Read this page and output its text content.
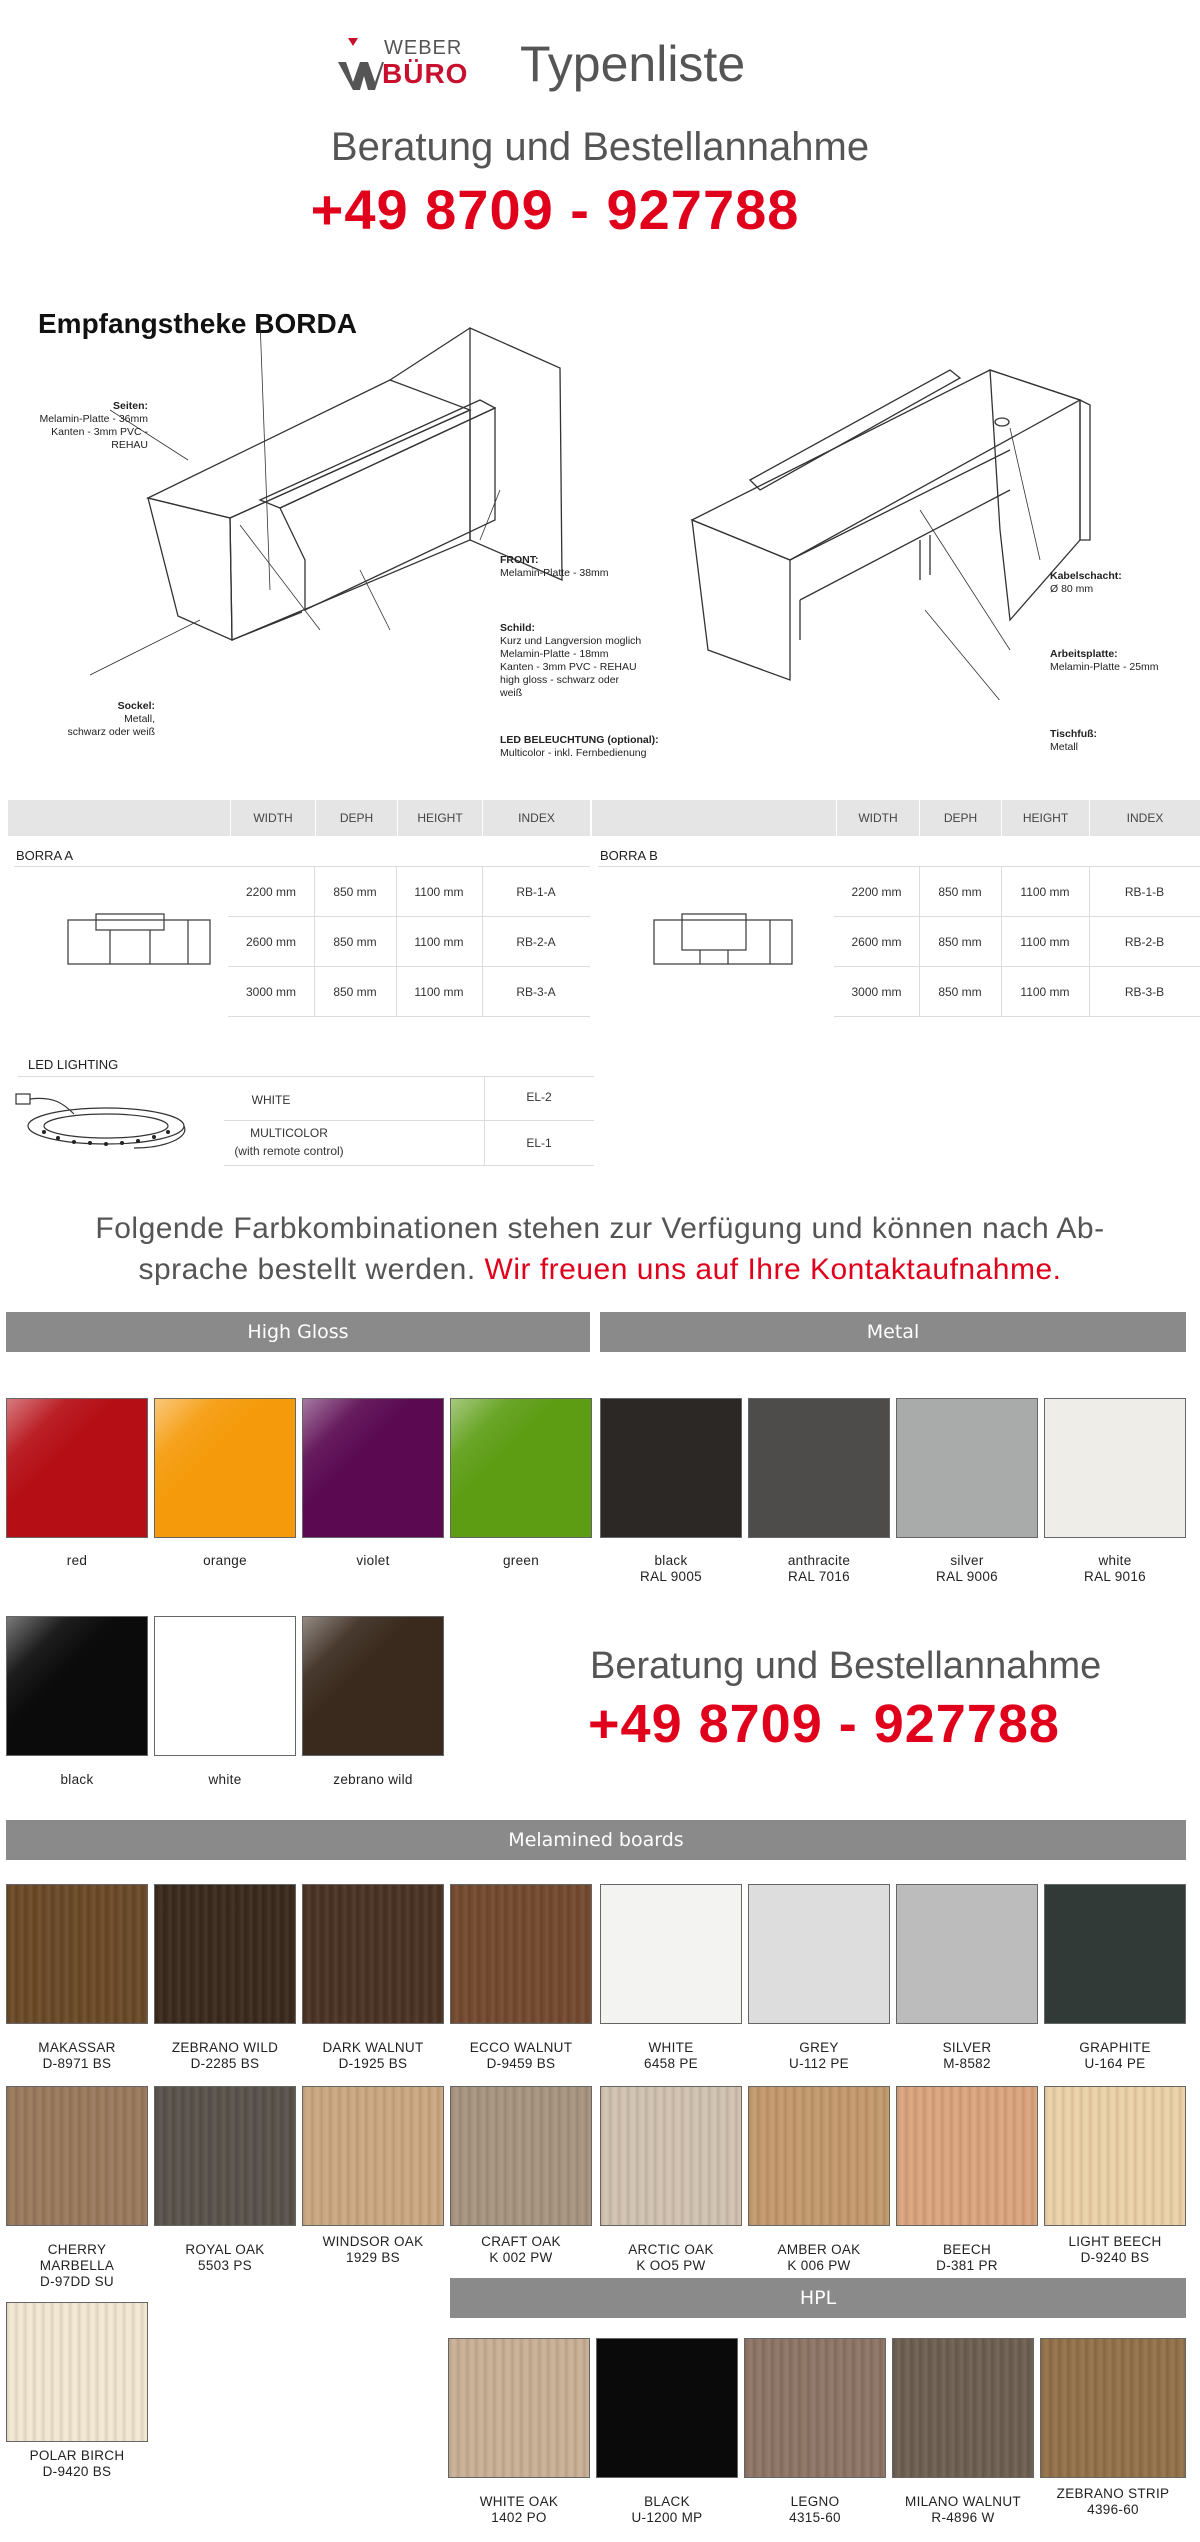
WEBER
BÜRO Typenliste
Beratung und Bestellannahme
+49 8709 - 927788
Empfangstheke BORDA
Seiten:
Melamin-Platte - 36mm
Kanten - 3mm PVC - REHAU
Sockel:
Metall,
schwarz oder weiß
FRONT:
Melamin-Platte - 38mm
Schild:
Kurz und Langversion moglich
Melamin-Platte - 18mm
Kanten - 3mm PVC - REHAU
high gloss - schwarz oder
weiß
LED BELEUCHTUNG (optional):
Multicolor - inkl. Fernbedienung
Kabelschacht:
Ø 80 mm
Arbeitsplatte:
Melamin-Platte - 25mm
Tischfuß:
Metall
WIDTH	DEPH	HEIGHT	INDEX	WIDTH	DEPH	HEIGHT	INDEX
BORRA A
2200 mm	850 mm	1100 mm	RB-1-A
2600 mm	850 mm	1100 mm	RB-2-A
3000 mm	850 mm	1100 mm	RB-3-A
BORRA B
2200 mm	850 mm	1100 mm	RB-1-B
2600 mm	850 mm	1100 mm	RB-2-B
3000 mm	850 mm	1100 mm	RB-3-B
LED LIGHTING
WHITE	EL-2
MULTICOLOR
(with remote control)
EL-1
Folgende Farbkombinationen stehen zur Verfügung und können nach Ab-
sprache bestellt werden. Wir freuen uns auf Ihre Kontaktaufnahme.
High Gloss	Metal
red	orange	violet	green	black
RAL 9005
anthracite
RAL 7016
silver
RAL 9006
white
RAL 9016
black	white	zebrano wild
Beratung und Bestellannahme
+49 8709 - 927788
Melamined boards
MAKASSAR
D-8971 BS
ZEBRANO WILD
D-2285 BS
DARK WALNUT
D-1925 BS
ECCO WALNUT
D-9459 BS
WHITE
6458 PE
GREY
U-112 PE
SILVER
M-8582
GRAPHITE
U-164 PE
CHERRY
MARBELLA
D-97DD SU
ROYAL OAK
5503 PS
WINDSOR OAK
1929 BS
CRAFT OAK
K 002 PW
ARCTIC OAK
K OO5 PW
AMBER OAK
K 006 PW
BEECH
D-381 PR
LIGHT BEECH
D-9240 BS
POLAR BIRCH
D-9420 BS
HPL
WHITE OAK
1402 PO
BLACK
U-1200 MP
LEGNO
4315-60
MILANO WALNUT
R-4896 W
ZEBRANO STRIP
4396-60
